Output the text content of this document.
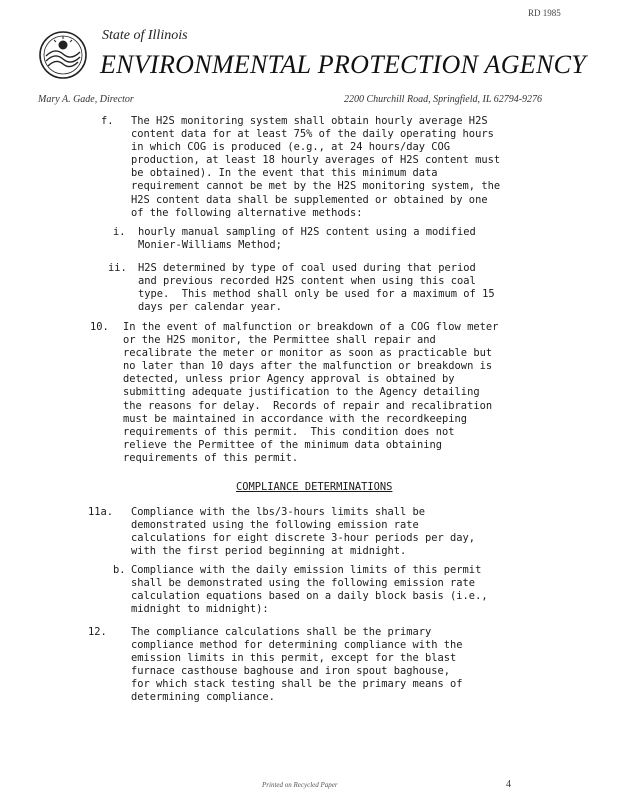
RD 1985
State of Illinois
ENVIRONMENTAL PROTECTION AGENCY
Mary A. Gade, Director	2200 Churchill Road, Springfield, IL 62794-9276
f. The H2S monitoring system shall obtain hourly average H2S
content data for at least 75% of the daily operating hours
in which COG is produced (e.g., at 24 hours/day COG
production, at least 18 hourly averages of H2S content must
be obtained). In the event that this minimum data
requirement cannot be met by the H2S monitoring system, the
H2S content data shall be supplemented or obtained by one
of the following alternative methods:
i. hourly manual sampling of H2S content using a modified
Monier-Williams Method;
ii. H2S determined by type of coal used during that period
and previous recorded H2S content when using this coal
type.  This method shall only be used for a maximum of 15
days per calendar year.
10. In the event of malfunction or breakdown of a COG flow meter
or the H2S monitor, the Permittee shall repair and
recalibrate the meter or monitor as soon as practicable but
no later than 10 days after the malfunction or breakdown is
detected, unless prior Agency approval is obtained by
submitting adequate justification to the Agency detailing
the reasons for delay.  Records of repair and recalibration
must be maintained in accordance with the recordkeeping
requirements of this permit.  This condition does not
relieve the Permittee of the minimum data obtaining
requirements of this permit.
COMPLIANCE DETERMINATIONS
11a. Compliance with the lbs/3-hours limits shall be
demonstrated using the following emission rate
calculations for eight discrete 3-hour periods per day,
with the first period beginning at midnight.
b. Compliance with the daily emission limits of this permit
shall be demonstrated using the following emission rate
calculation equations based on a daily block basis (i.e.,
midnight to midnight):
12. The compliance calculations shall be the primary
compliance method for determining compliance with the
emission limits in this permit, except for the blast
furnace casthouse baghouse and iron spout baghouse,
for which stack testing shall be the primary means of
determining compliance.
Printed on Recycled Paper	4
